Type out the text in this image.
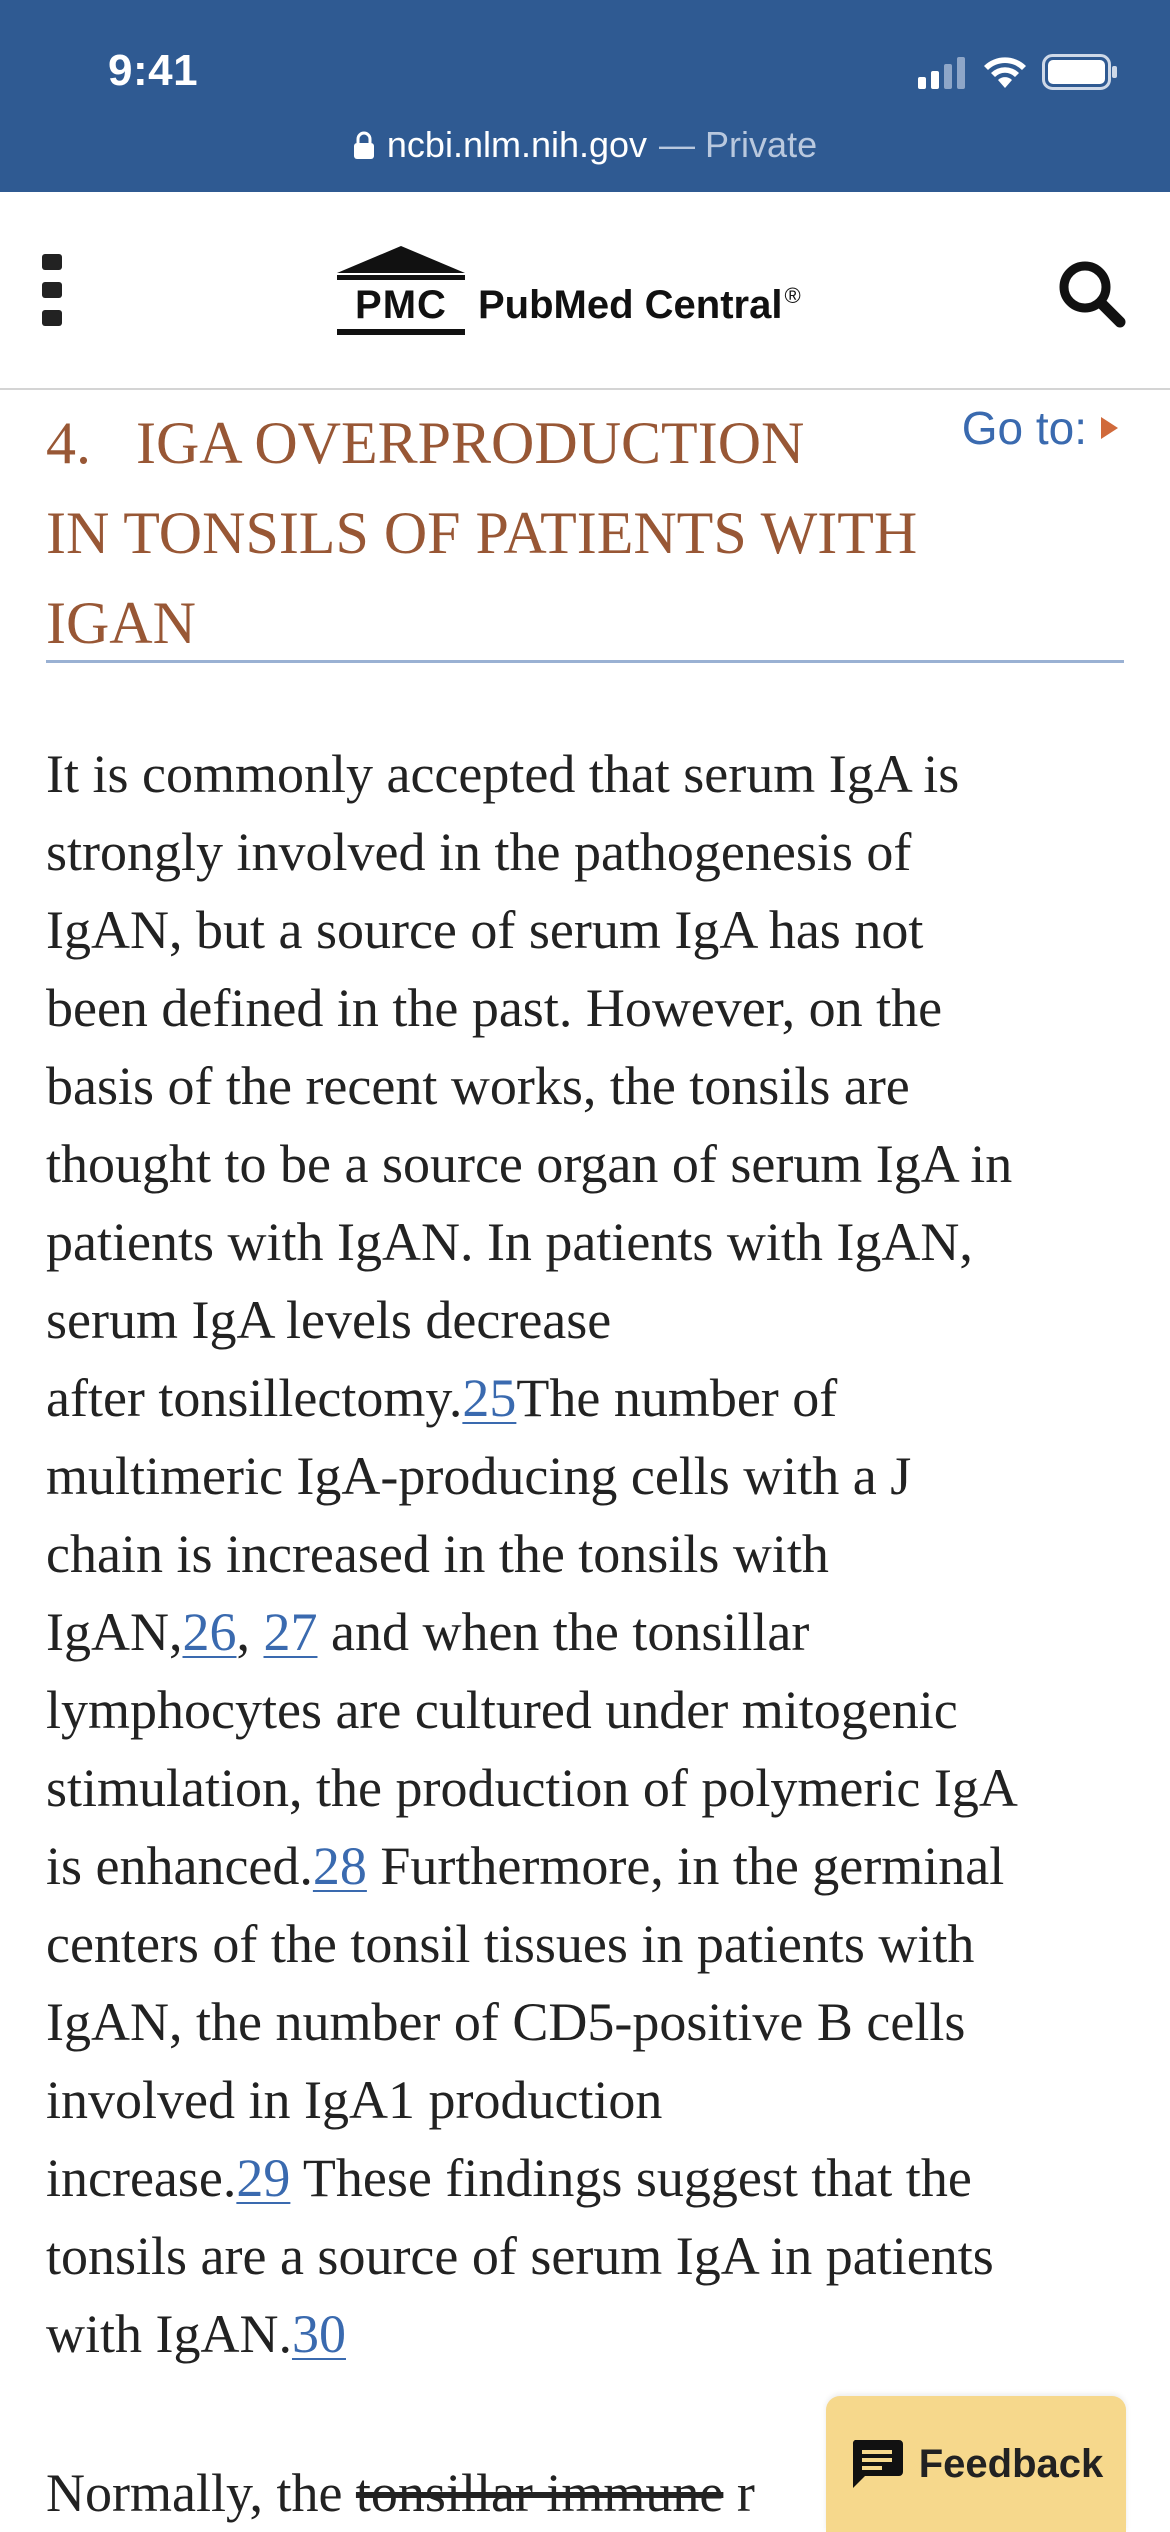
9:41
ncbi.nlm.nih.gov — Private
PMC PubMed Central®
4.   IGA OVERPRODUCTION
IN TONSILS OF PATIENTS WITH
IGAN
Go to:

It is commonly accepted that serum IgA is
strongly involved in the pathogenesis of
IgAN, but a source of serum IgA has not
been defined in the past. However, on the
basis of the recent works, the tonsils are
thought to be a source organ of serum IgA in
patients with IgAN. In patients with IgAN,
serum IgA levels decrease
after tonsillectomy.25The number of
multimeric IgA-producing cells with a J
chain is increased in the tonsils with
IgAN,26, 27 and when the tonsillar
lymphocytes are cultured under mitogenic
stimulation, the production of polymeric IgA
is enhanced.28 Furthermore, in the germinal
centers of the tonsil tissues in patients with
IgAN, the number of CD5-positive B cells
involved in IgA1 production
increase.29 These findings suggest that the
tonsils are a source of serum IgA in patients
with IgAN.30

Normally, the tonsillar immune r	Feedback
